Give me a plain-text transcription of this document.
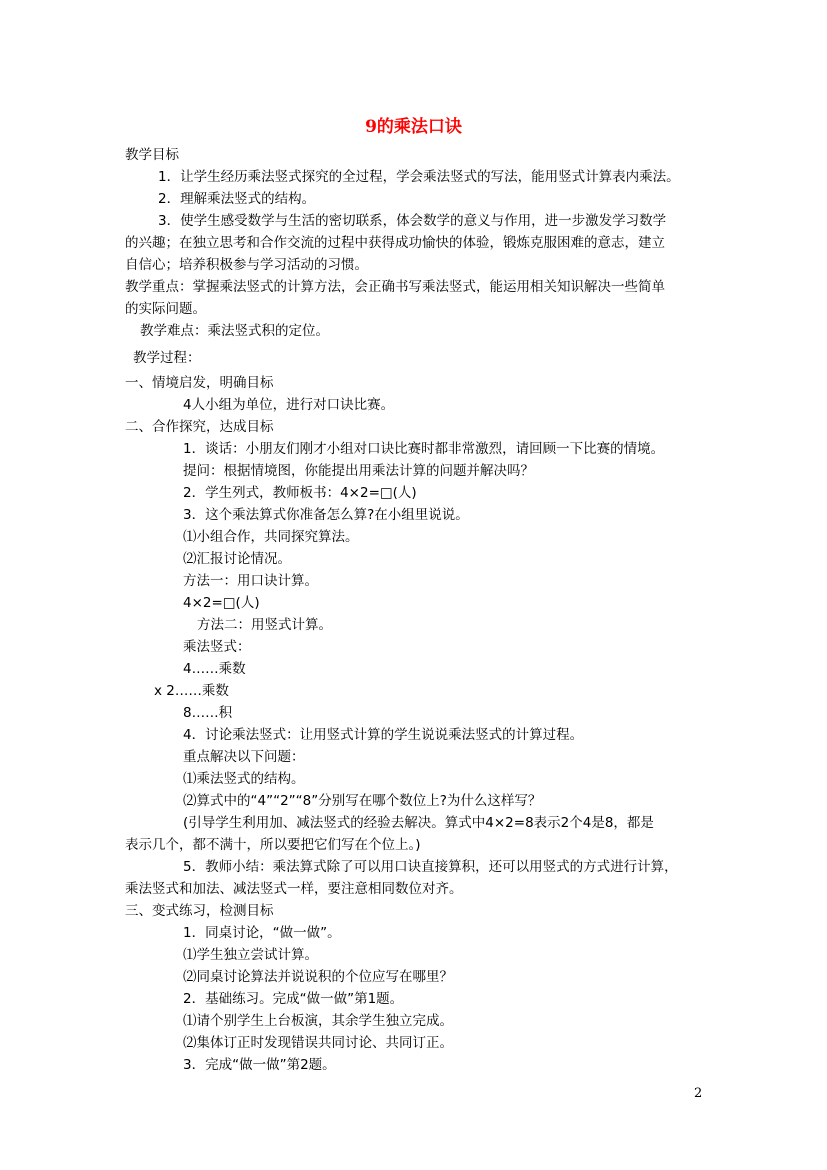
9的乘法口诀
教学目标
1．让学生经历乘法竖式探究的全过程，学会乘法竖式的写法，能用竖式计算表内乘法。
2．理解乘法竖式的结构。
3．使学生感受数学与生活的密切联系，体会数学的意义与作用，进一步激发学习数学
的兴趣；在独立思考和合作交流的过程中获得成功愉快的体验，锻炼克服困难的意志，建立
自信心；培养积极参与学习活动的习惯。
教学重点：掌握乘法竖式的计算方法，会正确书写乘法竖式，能运用相关知识解决一些简单
的实际问题。
教学难点：乘法竖式积的定位。
教学过程：
一、情境启发，明确目标
4人小组为单位，进行对口诀比赛。
二、合作探究，达成目标
1．谈话：小朋友们刚才小组对口诀比赛时都非常激烈，请回顾一下比赛的情境。
提问：根据情境图，你能提出用乘法计算的问题并解决吗？
2．学生列式，教师板书：4×2=□(人)
3．这个乘法算式你准备怎么算?在小组里说说。
⑴小组合作，共同探究算法。
⑵汇报讨论情况。
方法一：用口诀计算。
4×2=□(人)
方法二：用竖式计算。
乘法竖式：
4……乘数
x 2……乘数
8……积
4．讨论乘法竖式：让用竖式计算的学生说说乘法竖式的计算过程。
重点解决以下问题：
⑴乘法竖式的结构。
⑵算式中的“4”“2”“8”分别写在哪个数位上?为什么这样写？
(引导学生利用加、减法竖式的经验去解决。算式中4×2=8表示2个4是8，都是
表示几个，都不满十，所以要把它们写在个位上。)
5．教师小结：乘法算式除了可以用口诀直接算积，还可以用竖式的方式进行计算，
乘法竖式和加法、减法竖式一样，要注意相同数位对齐。
三、变式练习，检测目标
1．同桌讨论，“做一做”。
⑴学生独立尝试计算。
⑵同桌讨论算法并说说积的个位应写在哪里？
2．基础练习。完成“做一做”第1题。
⑴请个别学生上台板演，其余学生独立完成。
⑵集体订正时发现错误共同讨论、共同订正。
3．完成“做一做”第2题。
2
